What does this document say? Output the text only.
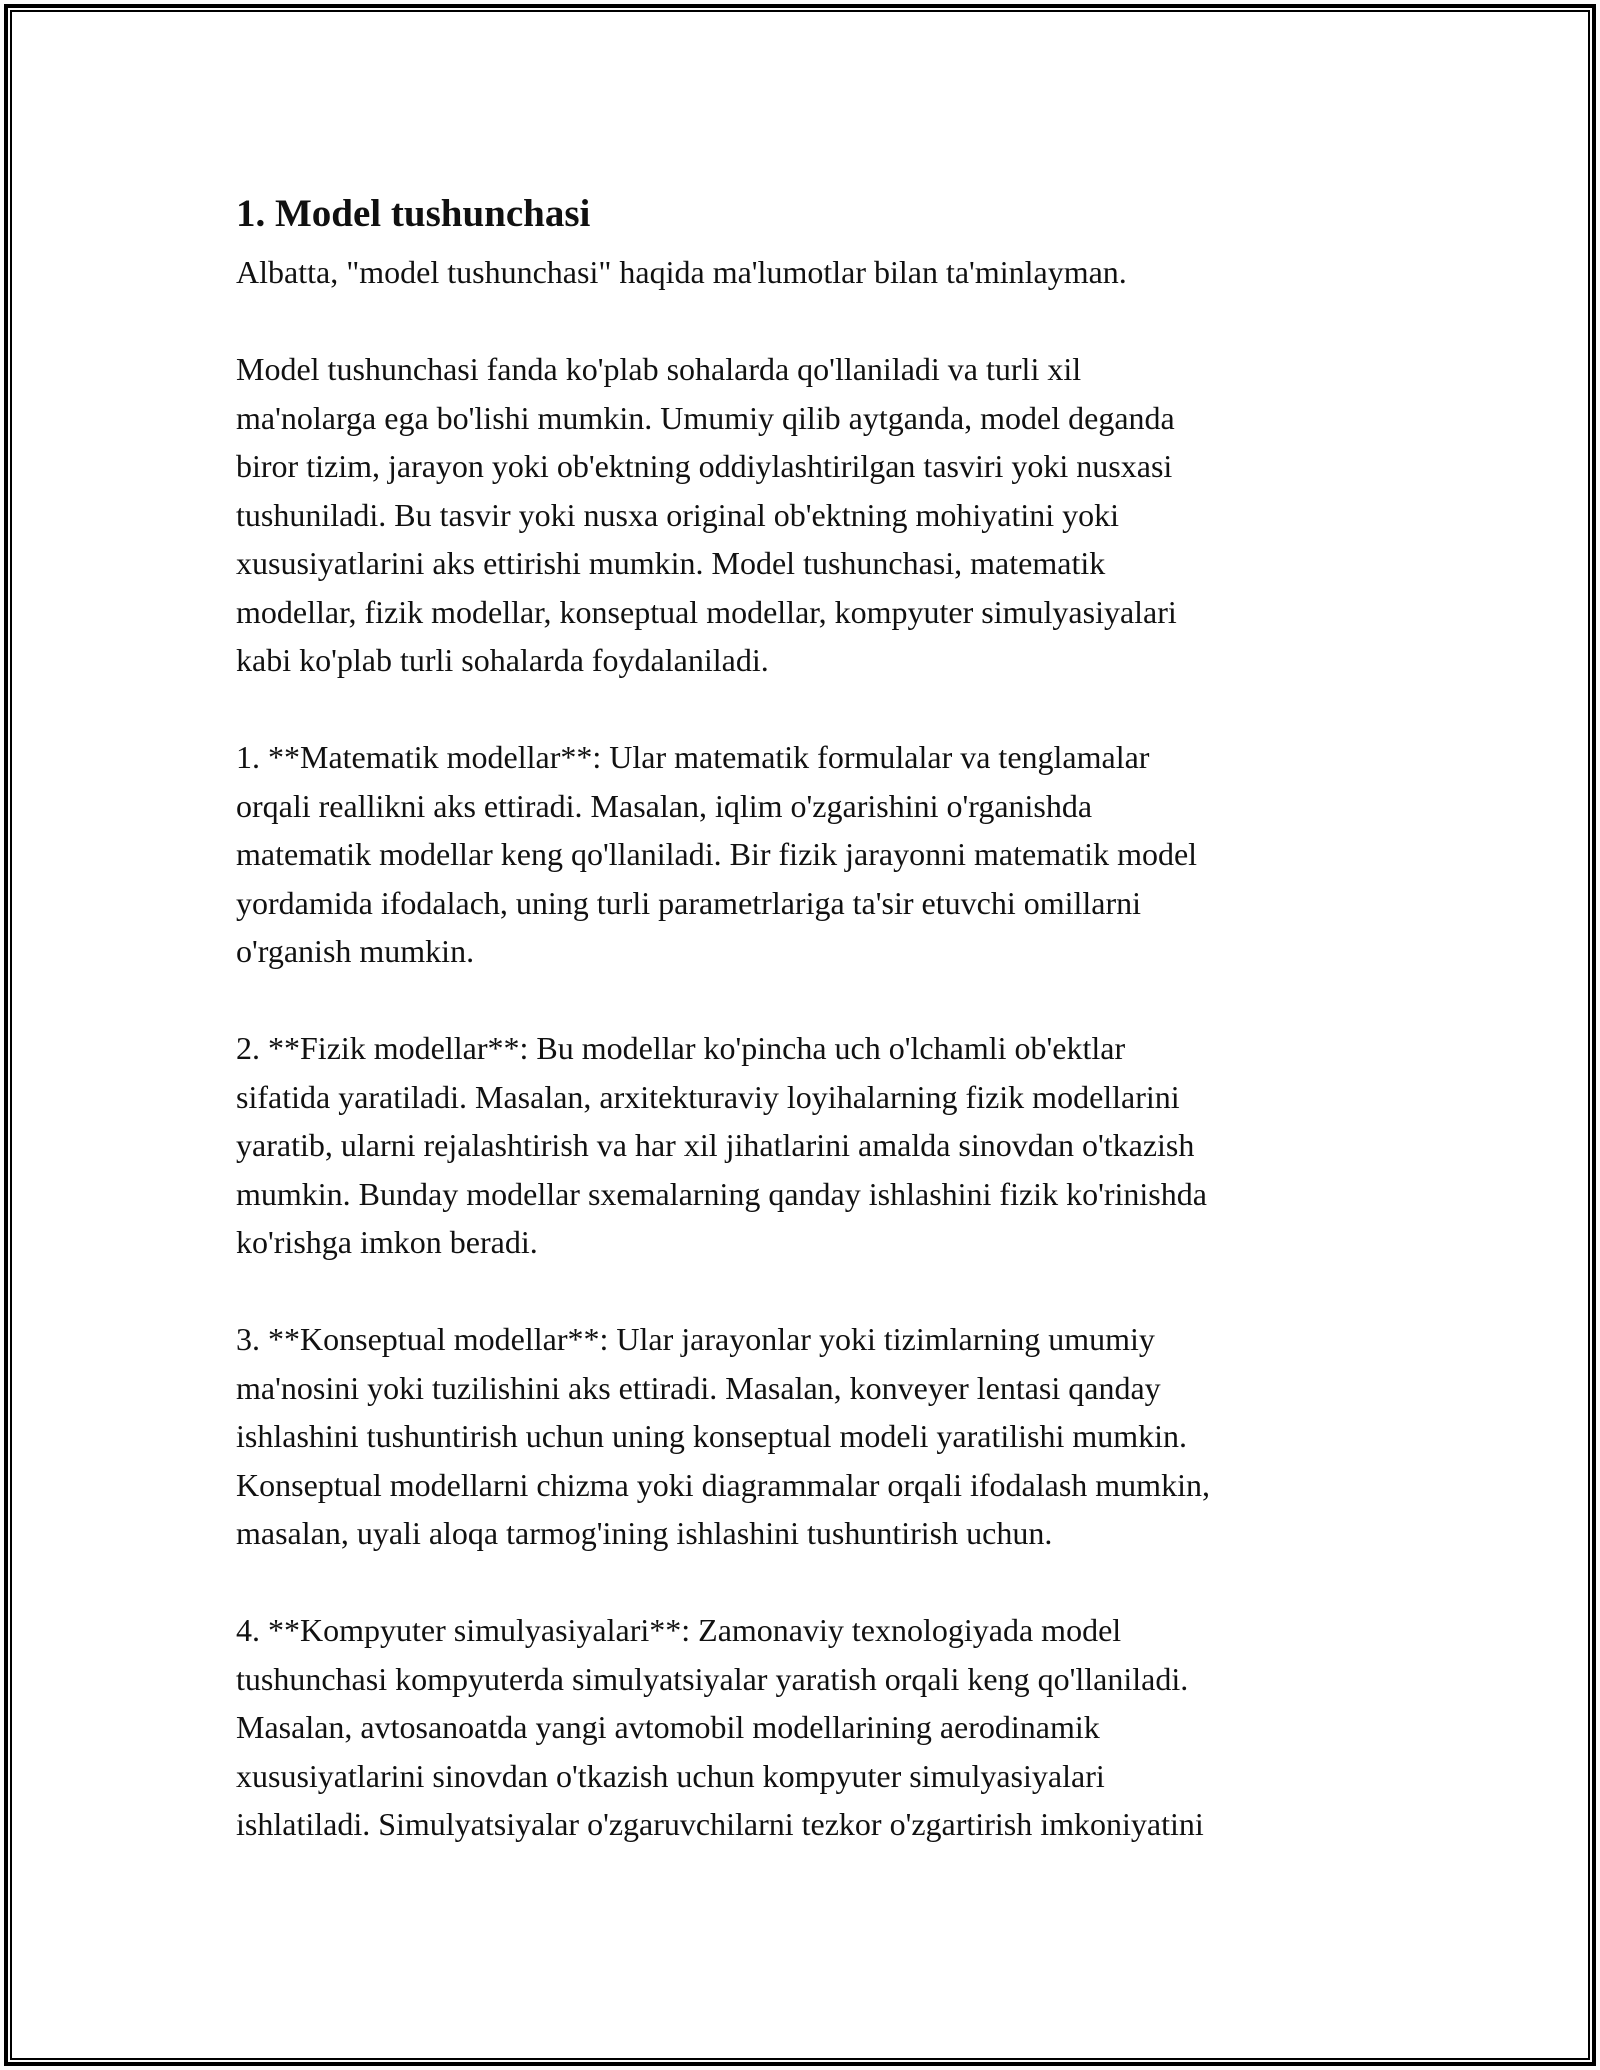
1. Model tushunchasi

Albatta, "model tushunchasi" haqida ma'lumotlar bilan ta'minlayman.

Model tushunchasi fanda ko'plab sohalarda qo'llaniladi va turli xil
ma'nolarga ega bo'lishi mumkin. Umumiy qilib aytganda, model deganda
biror tizim, jarayon yoki ob'ektning oddiylashtirilgan tasviri yoki nusxasi
tushuniladi. Bu tasvir yoki nusxa original ob'ektning mohiyatini yoki
xususiyatlarini aks ettirishi mumkin. Model tushunchasi, matematik
modellar, fizik modellar, konseptual modellar, kompyuter simulyasiyalari
kabi ko'plab turli sohalarda foydalaniladi.

1. **Matematik modellar**: Ular matematik formulalar va tenglamalar
orqali reallikni aks ettiradi. Masalan, iqlim o'zgarishini o'rganishda
matematik modellar keng qo'llaniladi. Bir fizik jarayonni matematik model
yordamida ifodalach, uning turli parametrlariga ta'sir etuvchi omillarni
o'rganish mumkin.

2. **Fizik modellar**: Bu modellar ko'pincha uch o'lchamli ob'ektlar
sifatida yaratiladi. Masalan, arxitekturaviy loyihalarning fizik modellarini
yaratib, ularni rejalashtirish va har xil jihatlarini amalda sinovdan o'tkazish
mumkin. Bunday modellar sxemalarning qanday ishlashini fizik ko'rinishda
ko'rishga imkon beradi.

3. **Konseptual modellar**: Ular jarayonlar yoki tizimlarning umumiy
ma'nosini yoki tuzilishini aks ettiradi. Masalan, konveyer lentasi qanday
ishlashini tushuntirish uchun uning konseptual modeli yaratilishi mumkin.
Konseptual modellarni chizma yoki diagrammalar orqali ifodalash mumkin,
masalan, uyali aloqa tarmog'ining ishlashini tushuntirish uchun.

4. **Kompyuter simulyasiyalari**: Zamonaviy texnologiyada model
tushunchasi kompyuterda simulyatsiyalar yaratish orqali keng qo'llaniladi.
Masalan, avtosanoatda yangi avtomobil modellarining aerodinamik
xususiyatlarini sinovdan o'tkazish uchun kompyuter simulyasiyalari
ishlatiladi. Simulyatsiyalar o'zgaruvchilarni tezkor o'zgartirish imkoniyatini
